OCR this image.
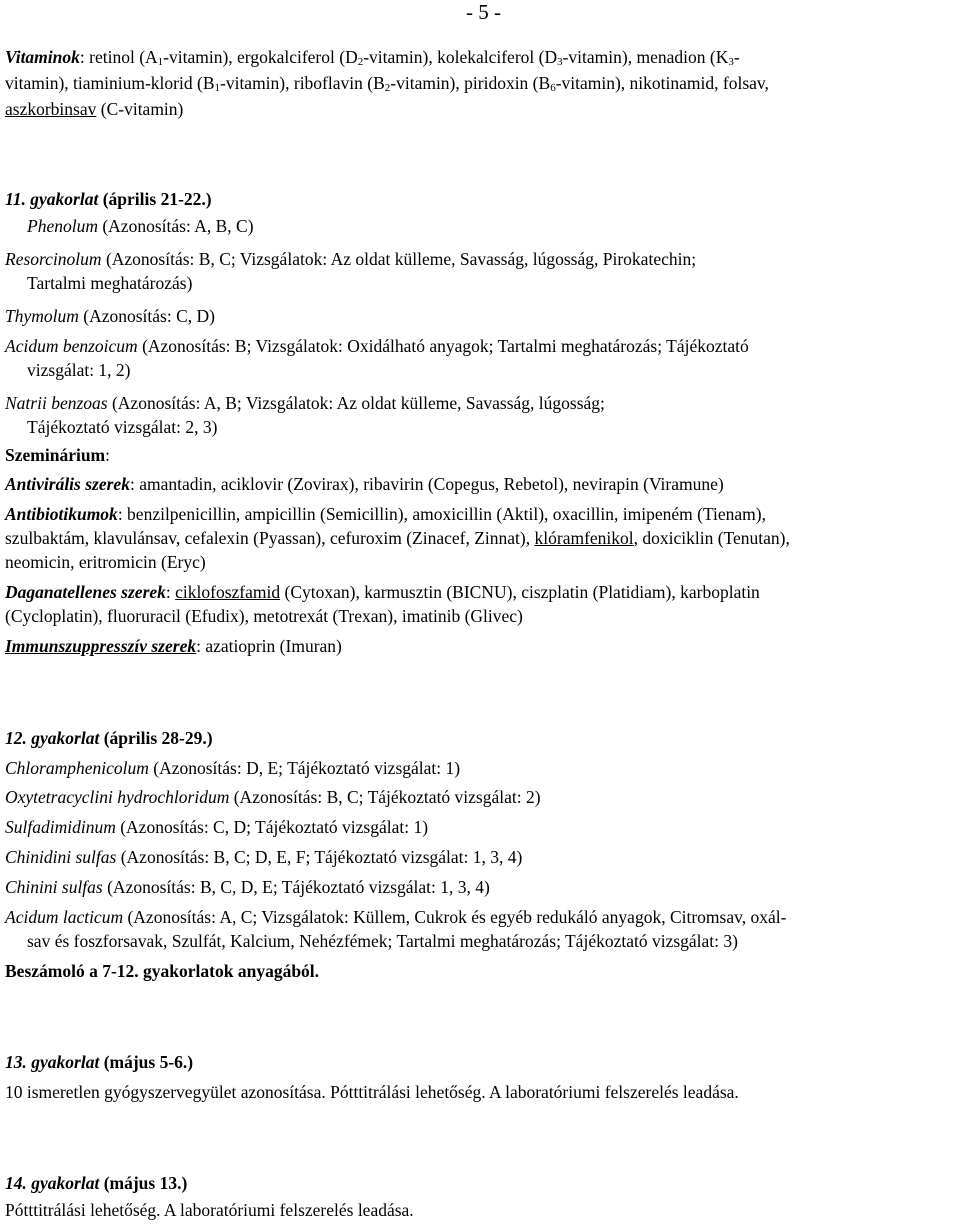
- 5 -
Vitaminok: retinol $(A_1-vitamin)$, ergokalciferol $(D_2-vitamin)$, kolekalciferol $(D_3-vitamin)$, menadion ($K_3-$
vitamin), tiaminium-klorid $(B_1-vitamin)$, riboflavin $(B_2-vitamin)$, piridoxin $(B_6-vitamin)$, nikotinamid, folsav,
aszkorbinsav (C-vitamin)
11. gyakorlat (április 21-22.)
Phenolum (Azonosítás: A, B, C)
Resorcinolum (Azonosítás: B, C; Vizsgálatok: Az oldat külleme, Savasság, lúgosság, Pirokatechin;
Tartalmi meghatározás)
Thymolum (Azonosítás: C, D)
Acidum benzoicum (Azonosítás: B; Vizsgálatok: Oxidálható anyagok; Tartalmi meghatározás; Tájékoztató
vizsgálat: 1, 2)
Natrii benzoas (Azonosítás: A, B; Vizsgálatok: Az oldat külleme, Savasság, lúgosság;
Tájékoztató vizsgálat: 2, 3)
Szeminárium:
Antivirális szerek: amantadin, aciklovir (Zovirax), ribavirin (Copegus, Rebetol), nevirapin (Viramune)
Antibiotikumok: benzilpenicillin, ampicillin (Semicillin), amoxicillin (Aktil), oxacillin, imipeném (Tienam),
szulbaktám, klavulánsav, cefalexin (Pyassan), cefuroxim (Zinacef, Zinnat), klóramfenikol, doxiciklin (Tenutan),
neomicin, eritromicin (Eryc)
Daganatellenes szerek: ciklofoszfamid (Cytoxan), karmusztin (BICNU), ciszplatin (Platidiam), karboplatin
(Cycloplatin), fluoruracil (Efudix), metotrexát (Trexan), imatinib (Glivec)
Immunszuppresszív szerek: azatioprin (Imuran)
12. gyakorlat (április 28-29.)
Chloramphenicolum (Azonosítás: D, E; Tájékoztató vizsgálat: 1)
Oxytetracyclini hydrochloridum (Azonosítás: B, C; Tájékoztató vizsgálat: 2)
Sulfadimidinum (Azonosítás: C, D; Tájékoztató vizsgálat: 1)
Chinidini sulfas (Azonosítás: B, C; D, E, F; Tájékoztató vizsgálat: 1, 3, 4)
Chinini sulfas (Azonosítás: B, C, D, E; Tájékoztató vizsgálat: 1, 3, 4)
Acidum lacticum (Azonosítás: A, C; Vizsgálatok: Küllem, Cukrok és egyéb redukáló anyagok, Citromsav, oxál-
sav és foszforsavak, Szulfát, Kalcium, Nehézfémek; Tartalmi meghatározás; Tájékoztató vizsgálat: 3)
Beszámoló a 7-12. gyakorlatok anyagából.
13. gyakorlat (május 5-6.)
10 ismeretlen gyógyszervegyület azonosítása. Pótttitrálási lehetőség. A laboratóriumi felszerelés leadása.
14. gyakorlat (május 13.)
Pótttitrálási lehetőség. A laboratóriumi felszerelés leadása.
